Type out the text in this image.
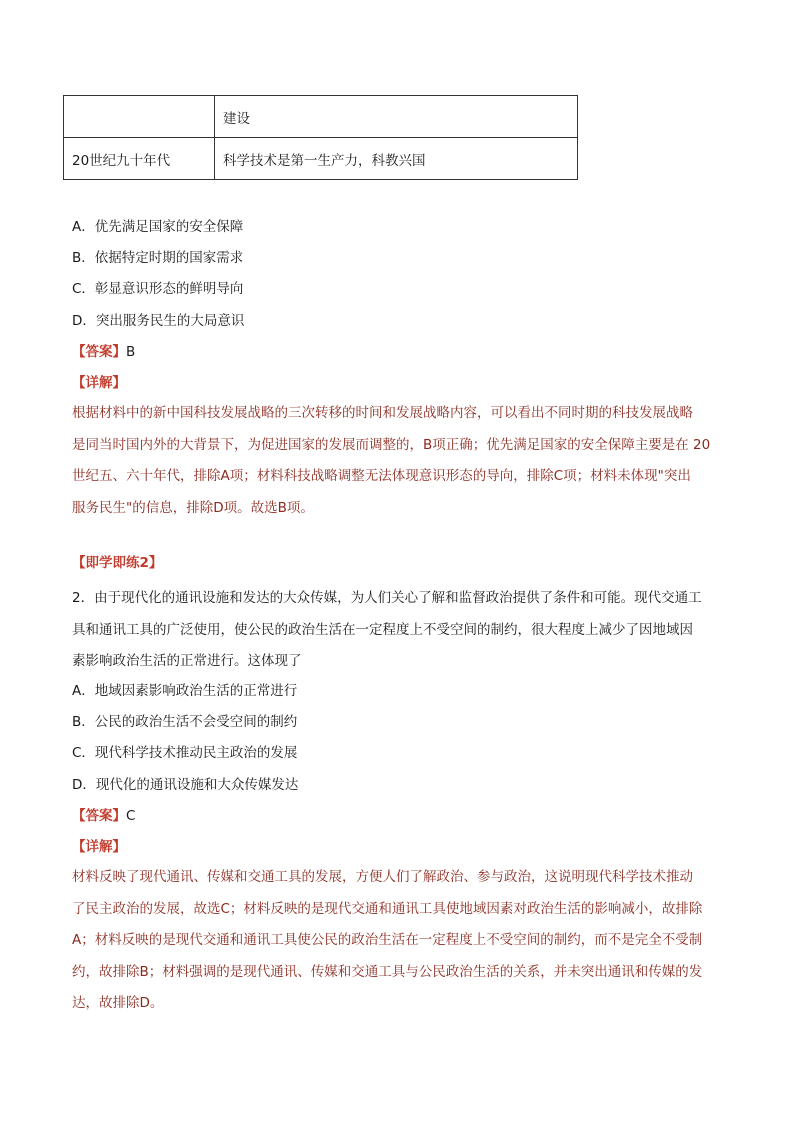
	建设
20世纪九十年代	科学技术是第一生产力，科教兴国
A．优先满足国家的安全保障
B．依据特定时期的国家需求
C．彰显意识形态的鲜明导向
D．突出服务民生的大局意识
【答案】B
【详解】
根据材料中的新中国科技发展战略的三次转移的时间和发展战略内容，可以看出不同时期的科技发展战略
是同当时国内外的大背景下，为促进国家的发展而调整的，B项正确；优先满足国家的安全保障主要是在 20
世纪五、六十年代，排除A项；材料科技战略调整无法体现意识形态的导向，排除C项；材料未体现"突出
服务民生"的信息，排除D项。故选B项。
【即学即练2】
2．由于现代化的通讯设施和发达的大众传媒，为人们关心了解和监督政治提供了条件和可能。现代交通工
具和通讯工具的广泛使用，使公民的政治生活在一定程度上不受空间的制约，很大程度上减少了因地域因
素影响政治生活的正常进行。这体现了
A．地域因素影响政治生活的正常进行
B．公民的政治生活不会受空间的制约
C．现代科学技术推动民主政治的发展
D．现代化的通讯设施和大众传媒发达
【答案】C
【详解】
材料反映了现代通讯、传媒和交通工具的发展，方便人们了解政治、参与政治，这说明现代科学技术推动
了民主政治的发展，故选C；材料反映的是现代交通和通讯工具使地域因素对政治生活的影响减小，故排除
A；材料反映的是现代交通和通讯工具使公民的政治生活在一定程度上不受空间的制约，而不是完全不受制
约，故排除B；材料强调的是现代通讯、传媒和交通工具与公民政治生活的关系，并未突出通讯和传媒的发
达，故排除D。
